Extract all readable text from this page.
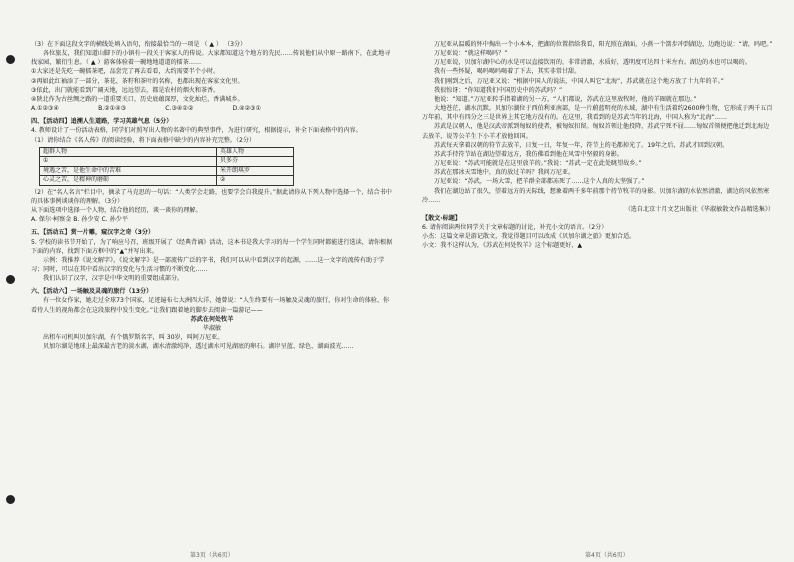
（3）在下面这段文字的横线处填入语句，衔接最恰当的一项是 （ ▲ ） （3分）

各位旅友，我们知道山脚下的小镇有一段关于客家人的传说。大家都知道这个地方的先民……传说他们从中原一路南下，在此地寻找家园，繁衍生息。（ ▲ ）游客体验着一碗地地道道的擂茶……

①大家还是先吃一碗擂茶吧，品尝完了再去看看，大约需要半个小时。

②再如此红袖添了一部分，茶花、茶籽和茶叶的名称，也都出现在客家文化里。

③依此，出门就能看到广阔天地，远远望去，都是农村的烟火和茶香。

④陕北作为古丝绸之路的一道重要关口，历史底蕴深厚，文化灿烂，香满城乡。

A.①②③④	B.②①④③	C.③④①②	D.④②③①

四、【活动四】追溯人生道路，学习英雄气息（5分）

4. 教师设计了一份活动表格，同学们对照写出人物的名著中的典型事件，为进行研究，根据提示，补全下面表格中的内容。

（1）请你结合《名人传》的阅读经验，将下面表格中缺少的内容补充完整。（2分）

超群人物	英雄人物
①	贝多芬
境遇之苦，是他生命中的苦难	米开朗琪罗
心灵之苦，是精神的磨砺	②

（2）在“名人名言”栏目中，摘录了马克思的一句话：“人类学会走路，也要学会自我提升。”据此请你从下列人物中选择一个，结合书中的具体事例谈谈你的理解。（3分）

从下面选项中选择一个人物，结合他的经历，谈一谈你的理解。

A. 保尔·柯察金 B. 孙少安 C. 孙少平

五、【活动五】赏一片雕，窥汉字之奇（3分）

5. 学校的读书节开始了，为了响应号召，班级开展了《经典背诵》活动，这本书是我大学习的每一个学生同时都能进行选读，请你根据下面的内容，找到下面方框中的“▲”并写出来。

示例：我推荐《说文解字》，《说文解字》是一部流传广泛的字书，我们可以从中看到汉字的起源，……这一文字的流传有助于学习；同时，可以在其中看出汉字的变化与生活习惯的不断变化……

我们认识了汉字，汉字是中华文明的重要组成部分。

六、【活动六】一场触及灵魂的旅行（13分）

有一位女作家，她走过全球73个国家，足迹遍布七大洲四大洋，她曾说：“人生终要有一场触及灵魂的旅行，你对生命的体验、你看待人生的视角都会在这段旅程中发生变化。”让我们跟着她的脚步去阅读一篇游记——

苏武在何处牧羊

毕淑敏

出租车司机叫贝加尔湖，有个俄罗斯名字，叫 30岁，叫阿万尼亚。

贝加尔湖是地球上最深最古老的淡水湖，湖水清澈纯净，透过湖水可见湖底的卵石。湖岸呈蓝、绿色，湖面波光……

万尼亚从温暖的怀中掏出一个小本本，把湖的位置指给我看，阳光照在湖面，小燕一个箭步冲到湖边，边跑边说：“请，吗吧。”

万尼亚说：“就这样喝吗？”

万尼亚说，贝加尔湖中心的水是可以直接饮用的，非常清澈，水质好，透明度可达四十米左右。湖边的水也可以喝的。

我有一些怀疑，喝吗喝吗喝着了下去，其实非常甘甜。

我们刚到之后，万尼亚又说：“根据中国人的说法，中国人叫它“北海”，苏武就在这个地方放了十九年的羊。”

我很惊讶：“你知道我们中国历史中的苏武吗？”

他说：“知道。”万尼亚转手指着湖的另一方，“人们都说，苏武在这里放牧时，他的羊圈就在那边。”

大地苍茫，湖水沉默。贝加尔湖位于西伯利亚南部，是一片蔚蓝明亮的水域，湖中有生活着约2600种生物，它形成于两千五百万年前，其中有四分之三是世界上其它地方没有的。在这里，我看到的是苏武当年的北海，中国人称为“北海”……

苏武是汉朝人，他是汉武帝派到匈奴的使者，被匈奴扣留。匈奴首领让他投降，苏武宁死不屈……匈奴首领便把他迁到北海边去放羊，说等公羊生下小羊才放他回国。

苏武每天拿着汉朝的符节去放羊，日复一日，年复一年，符节上的毛都掉光了。19年之后，苏武才回到汉朝。

苏武手持符节站在湖边望着远方，我仿佛看到他在风雪中坚毅的身影。

万尼亚说：“苏武可能就是在这里放羊的。”我说：“苏武一定在此处眺望故乡。”

苏武在那冰天雪地中，真的放过羊吗？我问万尼亚。

万尼亚说：“苏武，一场大雪，把羊群全部都冻死了……这个人真的太坚强了。”

我们在湖边站了很久，望着远方的天际线，想象着两千多年前那个持节牧羊的身影。贝加尔湖的水依然清澈，湖边的风依然寒冷……

（选自北京十月文艺出版社《毕淑敏散文作品精选集》）

【散文·标题】

6. 请你阅读两位同学关于文章标题的讨论，补充小文的语言。（2分）

小杰：这篇文章是游记散文，我觉得题目可以改成《贝加尔湖之旅》更加合适。

小文：我不这样认为，《苏武在何处牧羊》这个标题更好，▲

第3页（共6页）	第4页（共6页）
